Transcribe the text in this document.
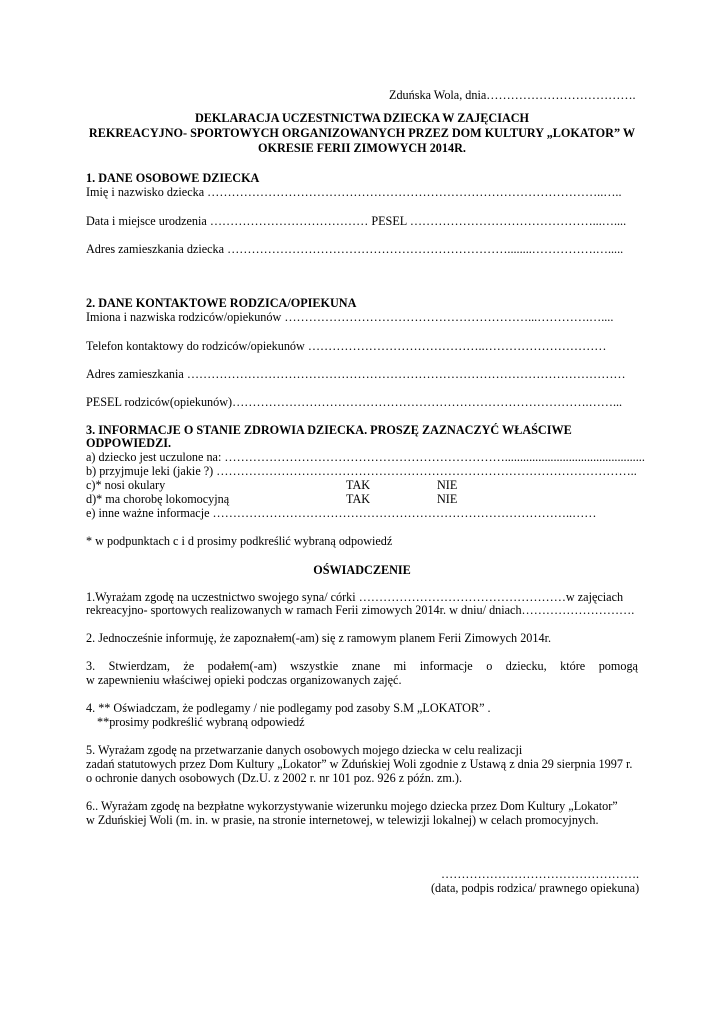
Zduńska Wola, dnia……………………………….
DEKLARACJA UCZESTNICTWA DZIECKA W ZAJĘCIACH
REKREACYJNO- SPORTOWYCH ORGANIZOWANYCH PRZEZ DOM KULTURY „LOKATOR” W
OKRESIE FERII ZIMOWYCH 2014R.
1. DANE OSOBOWE DZIECKA
Imię i nazwisko dziecka ……………………………………………………………………………………..…..
Data i miejsce urodzenia ………………………………… PESEL ………………………………………...…....
Adres zamieszkania dziecka ……………………………………………………………........…………….….....
2. DANE KONTAKTOWE RODZICA/OPIEKUNA
Imiona i nazwiska rodziców/opiekunów ……………………………………………………...………….…....
Telefon kontaktowy do rodziców/opiekunów ……………………………………..…………………………
Adres zamieszkania ………………………………………………………………………………………………
PESEL rodziców(opiekunów)…………………………………………………………………………….……...
3. INFORMACJE O STANIE ZDROWIA DZIECKA. PROSZĘ ZAZNACZYĆ WŁAŚCIWE
ODPOWIEDZI.
a) dziecko jest uczulone na: ……………………………………………………………..............................................
b) przyjmuje leki (jakie ?) …………………………………………………………………………………………..
c)* nosi okulary	TAK	NIE
d)* ma chorobę lokomocyjną	TAK	NIE
e) inne ważne informacje ……………………………………………………………………………..……
* w podpunktach c i d prosimy podkreślić wybraną odpowiedź
OŚWIADCZENIE
1.Wyrażam zgodę na uczestnictwo swojego syna/ córki ……………………………………………w zajęciach
rekreacyjno- sportowych realizowanych w ramach Ferii zimowych 2014r. w dniu/ dniach……………………….
2. Jednocześnie informuję, że zapoznałem(-am) się z ramowym planem Ferii Zimowych 2014r.
3. Stwierdzam, że podałem(-am) wszystkie znane mi informacje o dziecku, które pomogą
w zapewnieniu właściwej opieki podczas organizowanych zajęć.
4. ** Oświadczam, że podlegamy / nie podlegamy pod zasoby S.M „LOKATOR” .
**prosimy podkreślić wybraną odpowiedź
5. Wyrażam zgodę na przetwarzanie danych osobowych mojego dziecka w celu realizacji
zadań statutowych przez Dom Kultury „Lokator” w Zduńskiej Woli zgodnie z Ustawą z dnia 29 sierpnia 1997 r.
o ochronie danych osobowych (Dz.U. z 2002 r. nr 101 poz. 926 z późn. zm.).
6.. Wyrażam zgodę na bezpłatne wykorzystywanie wizerunku mojego dziecka przez Dom Kultury „Lokator”
w Zduńskiej Woli (m. in. w prasie, na stronie internetowej, w telewizji lokalnej) w celach promocyjnych.
………………………………………….
(data, podpis rodzica/ prawnego opiekuna)
